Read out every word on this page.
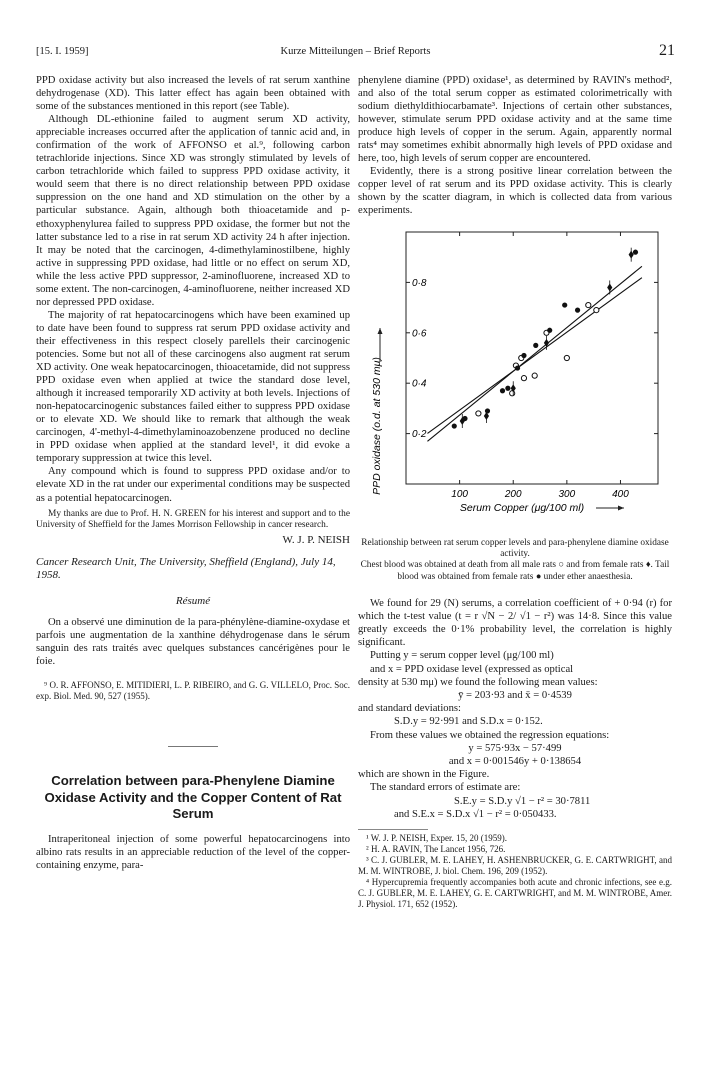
[15. I. 1959]	Kurze Mitteilungen – Brief Reports	21

PPD oxidase activity but also increased the levels of rat serum xanthine dehydrogenase (XD). This latter effect has again been obtained with some of the substances mentioned in this report (see Table).

Although DL-ethionine failed to augment serum XD activity, appreciable increases occurred after the application of tannic acid and, in confirmation of the work of AFFONSO et al.⁹, following carbon tetrachloride injections. Since XD was strongly stimulated by levels of carbon tetrachloride which failed to suppress PPD oxidase activity, it would seem that there is no direct relationship between PPD oxidase suppression on the one hand and XD stimulation on the other by a particular substance. Again, although both thioacetamide and p-ethoxyphenylurea failed to suppress PPD oxidase, the former but not the latter substance led to a rise in rat serum XD activity 24 h after injection. It may be noted that the carcinogen, 4-dimethylaminostilbene, highly active in suppressing PPD oxidase, had little or no effect on serum XD, while the less active PPD suppressor, 2-aminofluorene, increased XD to some extent. The non-carcinogen, 4-aminofluorene, neither increased XD nor depressed PPD oxidase.

The majority of rat hepatocarcinogens which have been examined up to date have been found to suppress rat serum PPD oxidase activity and their effectiveness in this respect closely parellels their carcinogenic potencies. Some but not all of these carcinogens also augment rat serum XD activity. One weak hepatocarcinogen, thioacetamide, did not suppress PPD oxidase even when applied at twice the standard dose level, although it increased temporarily XD activity at both levels. Injections of non-hepatocarcinogenic substances failed either to suppress PPD oxidase or to elevate XD. We should like to remark that although the weak carcinogen, 4'-methyl-4-dimethylaminoazobenzene produced no decline in PPD oxidase when applied at the standard level¹, it did evoke a temporary suppression at twice this level.

Any compound which is found to suppress PPD oxidase and/or to elevate XD in the rat under our experimental conditions may be suspected as a potential hepatocarcinogen.

My thanks are due to Prof. H. N. GREEN for his interest and support and to the University of Sheffield for the James Morrison Fellowship in cancer research.

W. J. P. NEISH
Cancer Research Unit, The University, Sheffield (England), July 14, 1958.
Résumé

On a observé une diminution de la para-phénylène-diamine-oxydase et parfois une augmentation de la xanthine déhydrogenase dans le sérum sanguin des rats traités avec quelques substances cancérigènes pour le foie.

⁹ O. R. AFFONSO, E. MITIDIERI, L. P. RIBEIRO, and G. G. VILLELO, Proc. Soc. exp. Biol. Med. 90, 527 (1955).

Correlation between para-Phenylene Diamine Oxidase Activity and the Copper Content of Rat Serum

Intraperitoneal injection of some powerful hepatocarcinogens into albino rats results in an appreciable reduction of the level of the copper-containing enzyme, para-

phenylene diamine (PPD) oxidase¹, as determined by RAVIN's method², and also of the total serum copper as estimated colorimetrically with sodium diethyldithiocarbamate³. Injections of certain other substances, however, stimulate serum PPD oxidase activity and at the same time produce high levels of copper in the serum. Again, apparently normal rats⁴ may sometimes exhibit abnormally high levels of PPD oxidase and here, too, high levels of serum copper are encountered.

Evidently, there is a strong positive linear correlation between the copper level of rat serum and its PPD oxidase activity. This is clearly shown by the scatter diagram, in which is collected data from various experiments.

100	200	300	400
0·2
0·4
0·6
0·8
Serum Copper (μg/100 ml)
PPD oxidase (o.d. at 530 mμ)
Relationship between rat serum copper levels and para-phenylene diamine oxidase activity.
Chest blood was obtained at death from all male rats ○ and from female rats ♦. Tail blood was obtained from female rats ● under ether anaesthesia.

We found for 29 (N) serums, a correlation coefficient of + 0·94 (r) for which the t-test value (t = r √N − 2/ √1 − r²) was 14·8. Since this value greatly exceeds the 0·1% probability level, the correlation is highly significant.

Putting y = serum copper level (μg/100 ml)
and x = PPD oxidase level (expressed as optical
density at 530 mμ) we found the following mean values:
ȳ = 203·93 and x̄ = 0·4539
and standard deviations:
S.D.y = 92·991 and S.D.x = 0·152.
From these values we obtained the regression equations:
y = 575·93x − 57·499
and x = 0·001546y + 0·138654
which are shown in the Figure.
The standard errors of estimate are:
S.E.y = S.D.y √1 − r² = 30·7811
and S.E.x = S.D.x √1 − r² = 0·050433.

¹ W. J. P. NEISH, Exper. 15, 20 (1959).

² H. A. RAVIN, The Lancet 1956, 726.

³ C. J. GUBLER, M. E. LAHEY, H. ASHENBRUCKER, G. E. CARTWRIGHT, and M. M. WINTROBE, J. biol. Chem. 196, 209 (1952).

⁴ Hypercupremia frequently accompanies both acute and chronic infections, see e.g. C. J. GUBLER, M. E. LAHEY, G. E. CARTWRIGHT, and M. M. WINTROBE, Amer. J. Physiol. 171, 652 (1952).
